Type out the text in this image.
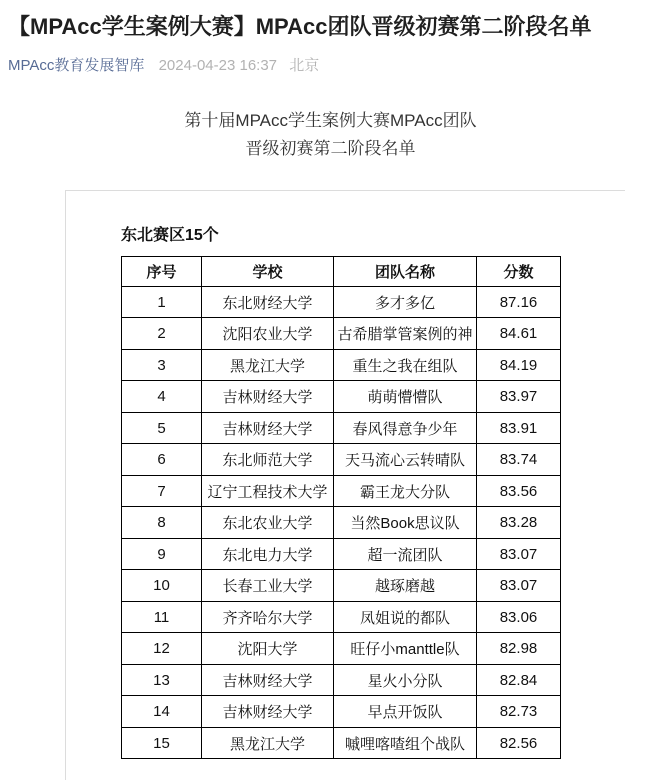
【MPAcc学生案例大赛】MPAcc团队晋级初赛第二阶段名单
MPAcc教育发展智库 2024-04-23 16:37 北京
第十届MPAcc学生案例大赛MPAcc团队
晋级初赛第二阶段名单
东北赛区15个
序号	学校	团队名称	分数
1	东北财经大学	多才多亿	87.16
2	沈阳农业大学	古希腊掌管案例的神	84.61
3	黑龙江大学	重生之我在组队	84.19
4	吉林财经大学	萌萌懵懵队	83.97
5	吉林财经大学	春风得意争少年	83.91
6	东北师范大学	天马流心云转晴队	83.74
7	辽宁工程技术大学	霸王龙大分队	83.56
8	东北农业大学	当然Book思议队	83.28
9	东北电力大学	超一流团队	83.07
10	长春工业大学	越琢磨越	83.07
11	齐齐哈尔大学	凤姐说的都队	83.06
12	沈阳大学	旺仔小manttle队	82.98
13	吉林财经大学	星火小分队	82.84
14	吉林财经大学	早点开饭队	82.73
15	黑龙江大学	嘁哩喀喳组个战队	82.56
